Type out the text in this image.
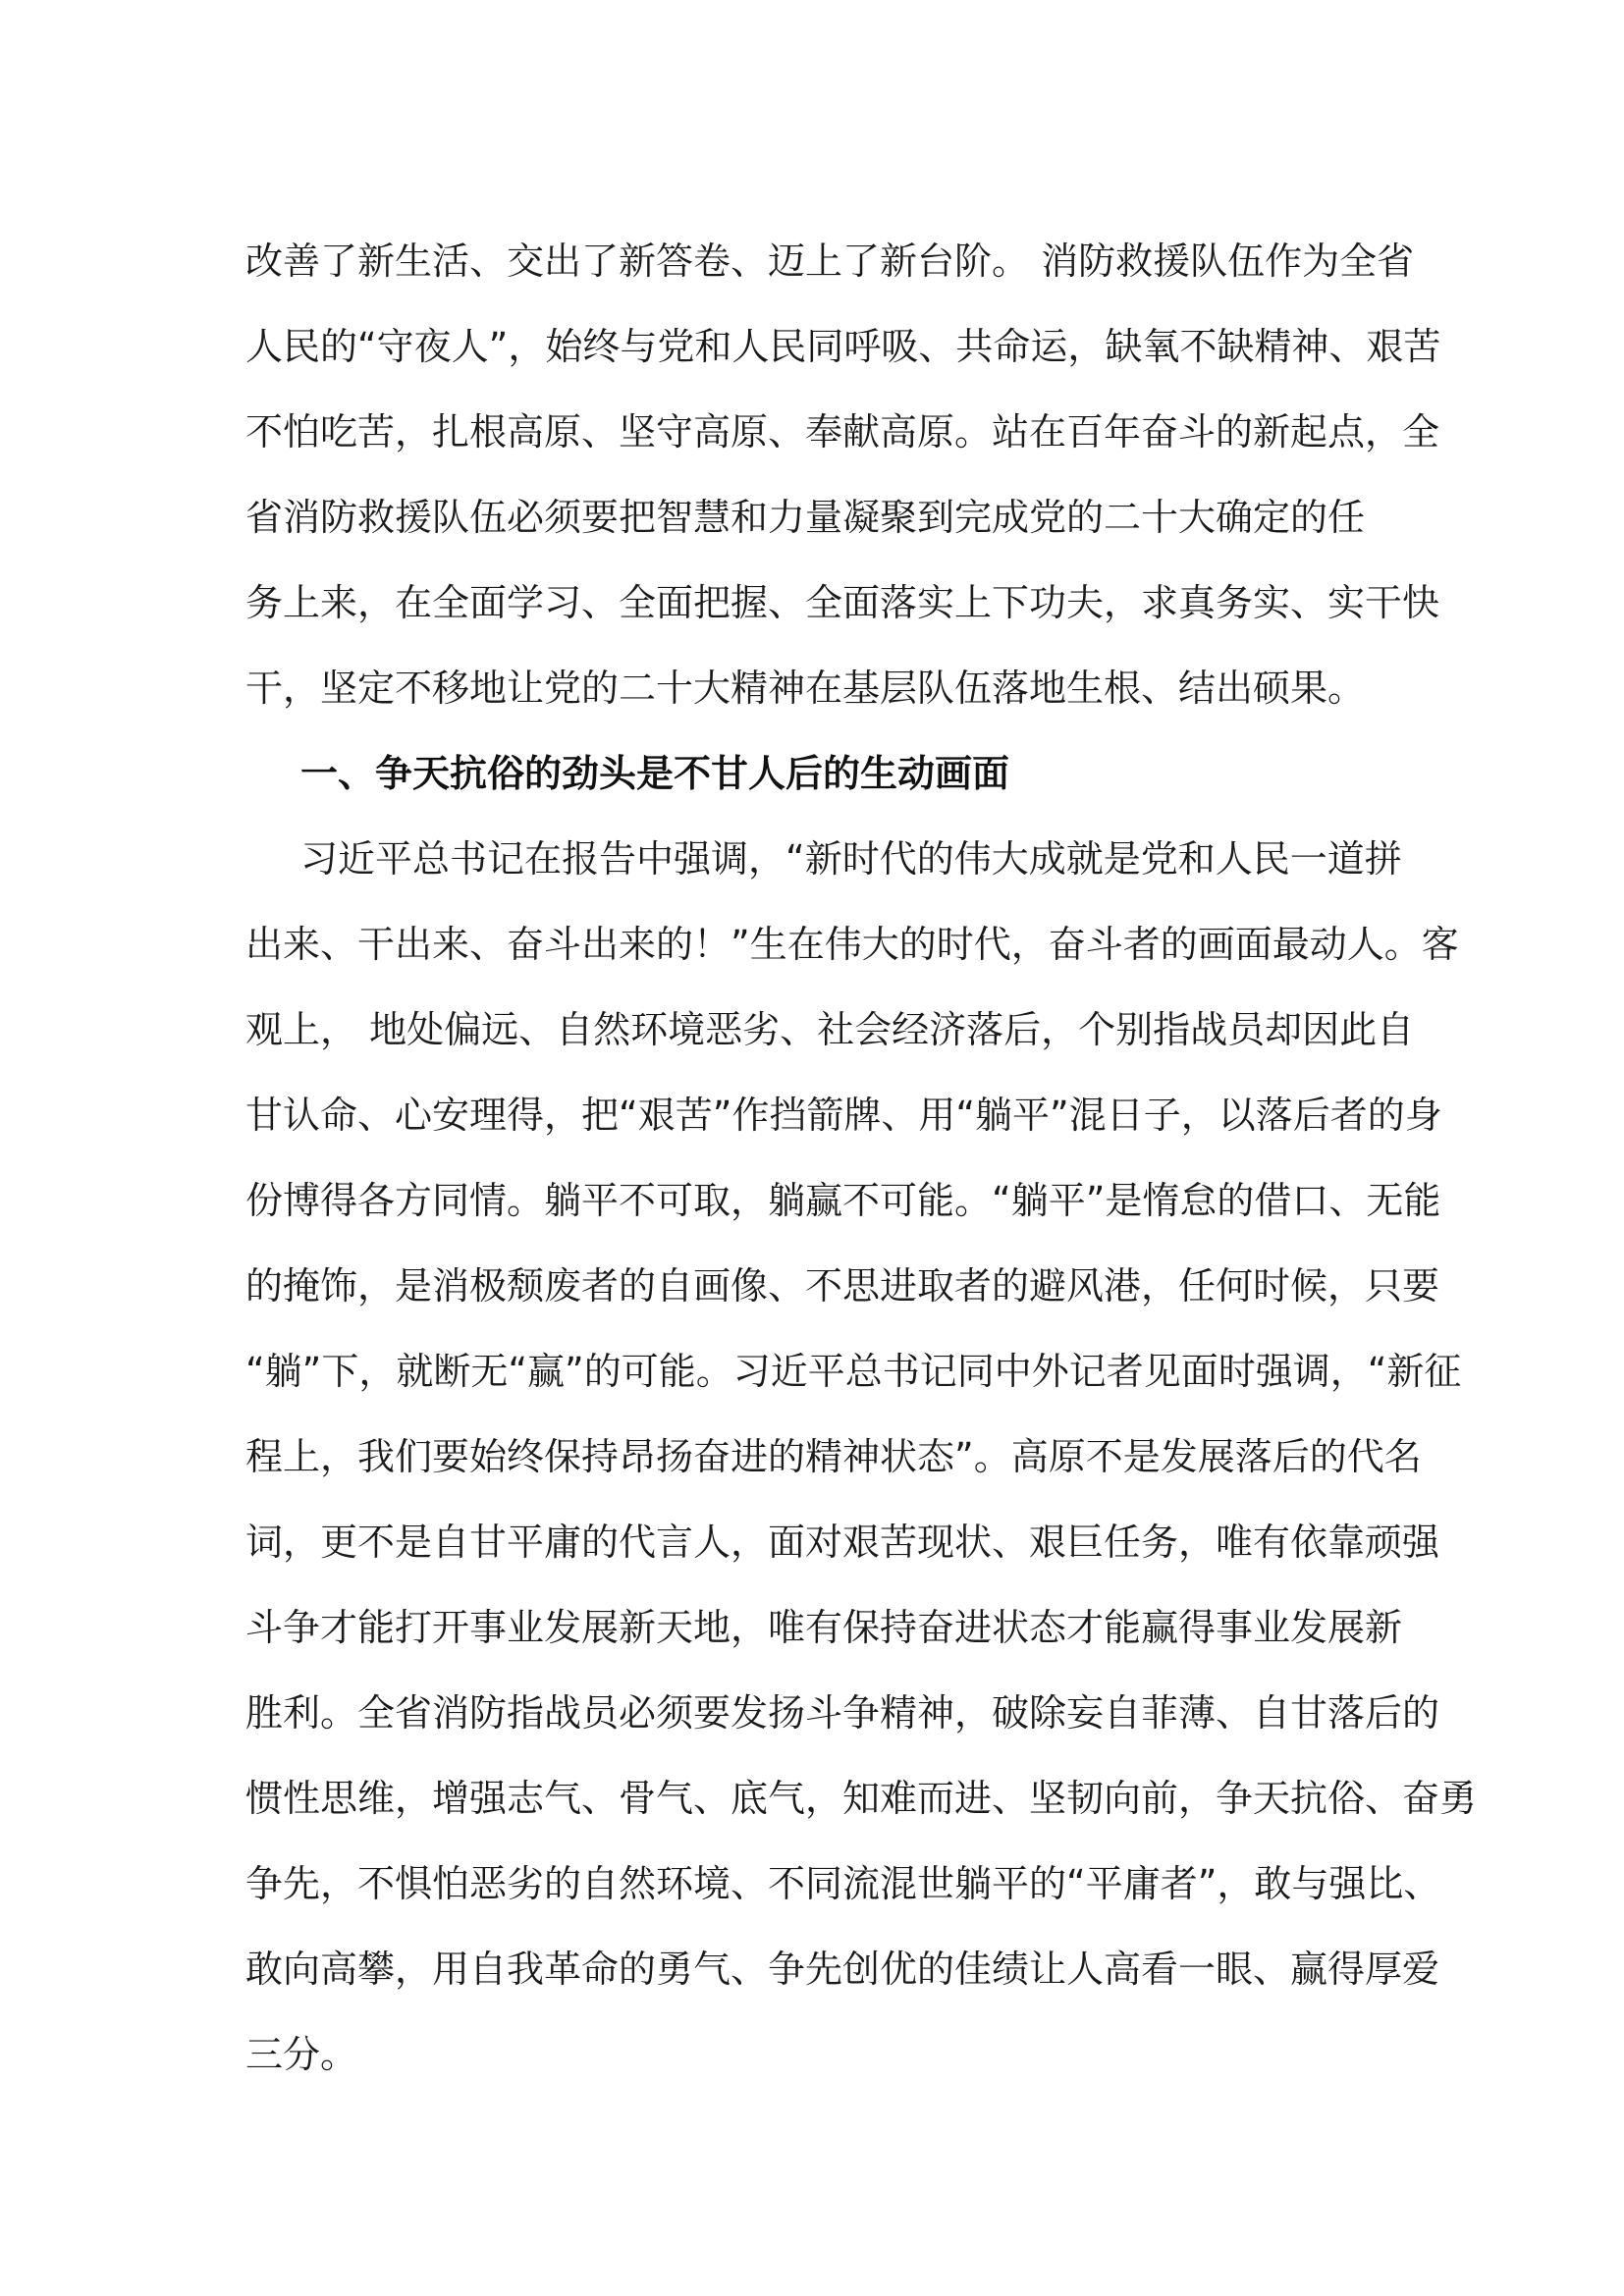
改善了新生活、交出了新答卷、迈上了新台阶。 消防救援队伍作为全省
人民的“守夜人”，始终与党和人民同呼吸、共命运，缺氧不缺精神、艰苦
不怕吃苦，扎根高原、坚守高原、奉献高原。站在百年奋斗的新起点，全
省消防救援队伍必须要把智慧和力量凝聚到完成党的二十大确定的任
务上来，在全面学习、全面把握、全面落实上下功夫，求真务实、实干快
干，坚定不移地让党的二十大精神在基层队伍落地生根、结出硕果。
一、争天抗俗的劲头是不甘人后的生动画面
习近平总书记在报告中强调，“新时代的伟大成就是党和人民一道拼
出来、干出来、奋斗出来的！”生在伟大的时代，奋斗者的画面最动人。客
观上， 地处偏远、自然环境恶劣、社会经济落后，个别指战员却因此自
甘认命、心安理得，把“艰苦”作挡箭牌、用“躺平”混日子，以落后者的身
份博得各方同情。躺平不可取，躺赢不可能。“躺平”是惰怠的借口、无能
的掩饰，是消极颓废者的自画像、不思进取者的避风港，任何时候，只要
“躺”下，就断无“赢”的可能。习近平总书记同中外记者见面时强调，“新征
程上，我们要始终保持昂扬奋进的精神状态”。高原不是发展落后的代名
词，更不是自甘平庸的代言人，面对艰苦现状、艰巨任务，唯有依靠顽强
斗争才能打开事业发展新天地，唯有保持奋进状态才能赢得事业发展新
胜利。全省消防指战员必须要发扬斗争精神，破除妄自菲薄、自甘落后的
惯性思维，增强志气、骨气、底气，知难而进、坚韧向前，争天抗俗、奋勇
争先，不惧怕恶劣的自然环境、不同流混世躺平的“平庸者”，敢与强比、
敢向高攀，用自我革命的勇气、争先创优的佳绩让人高看一眼、赢得厚爱
三分。
